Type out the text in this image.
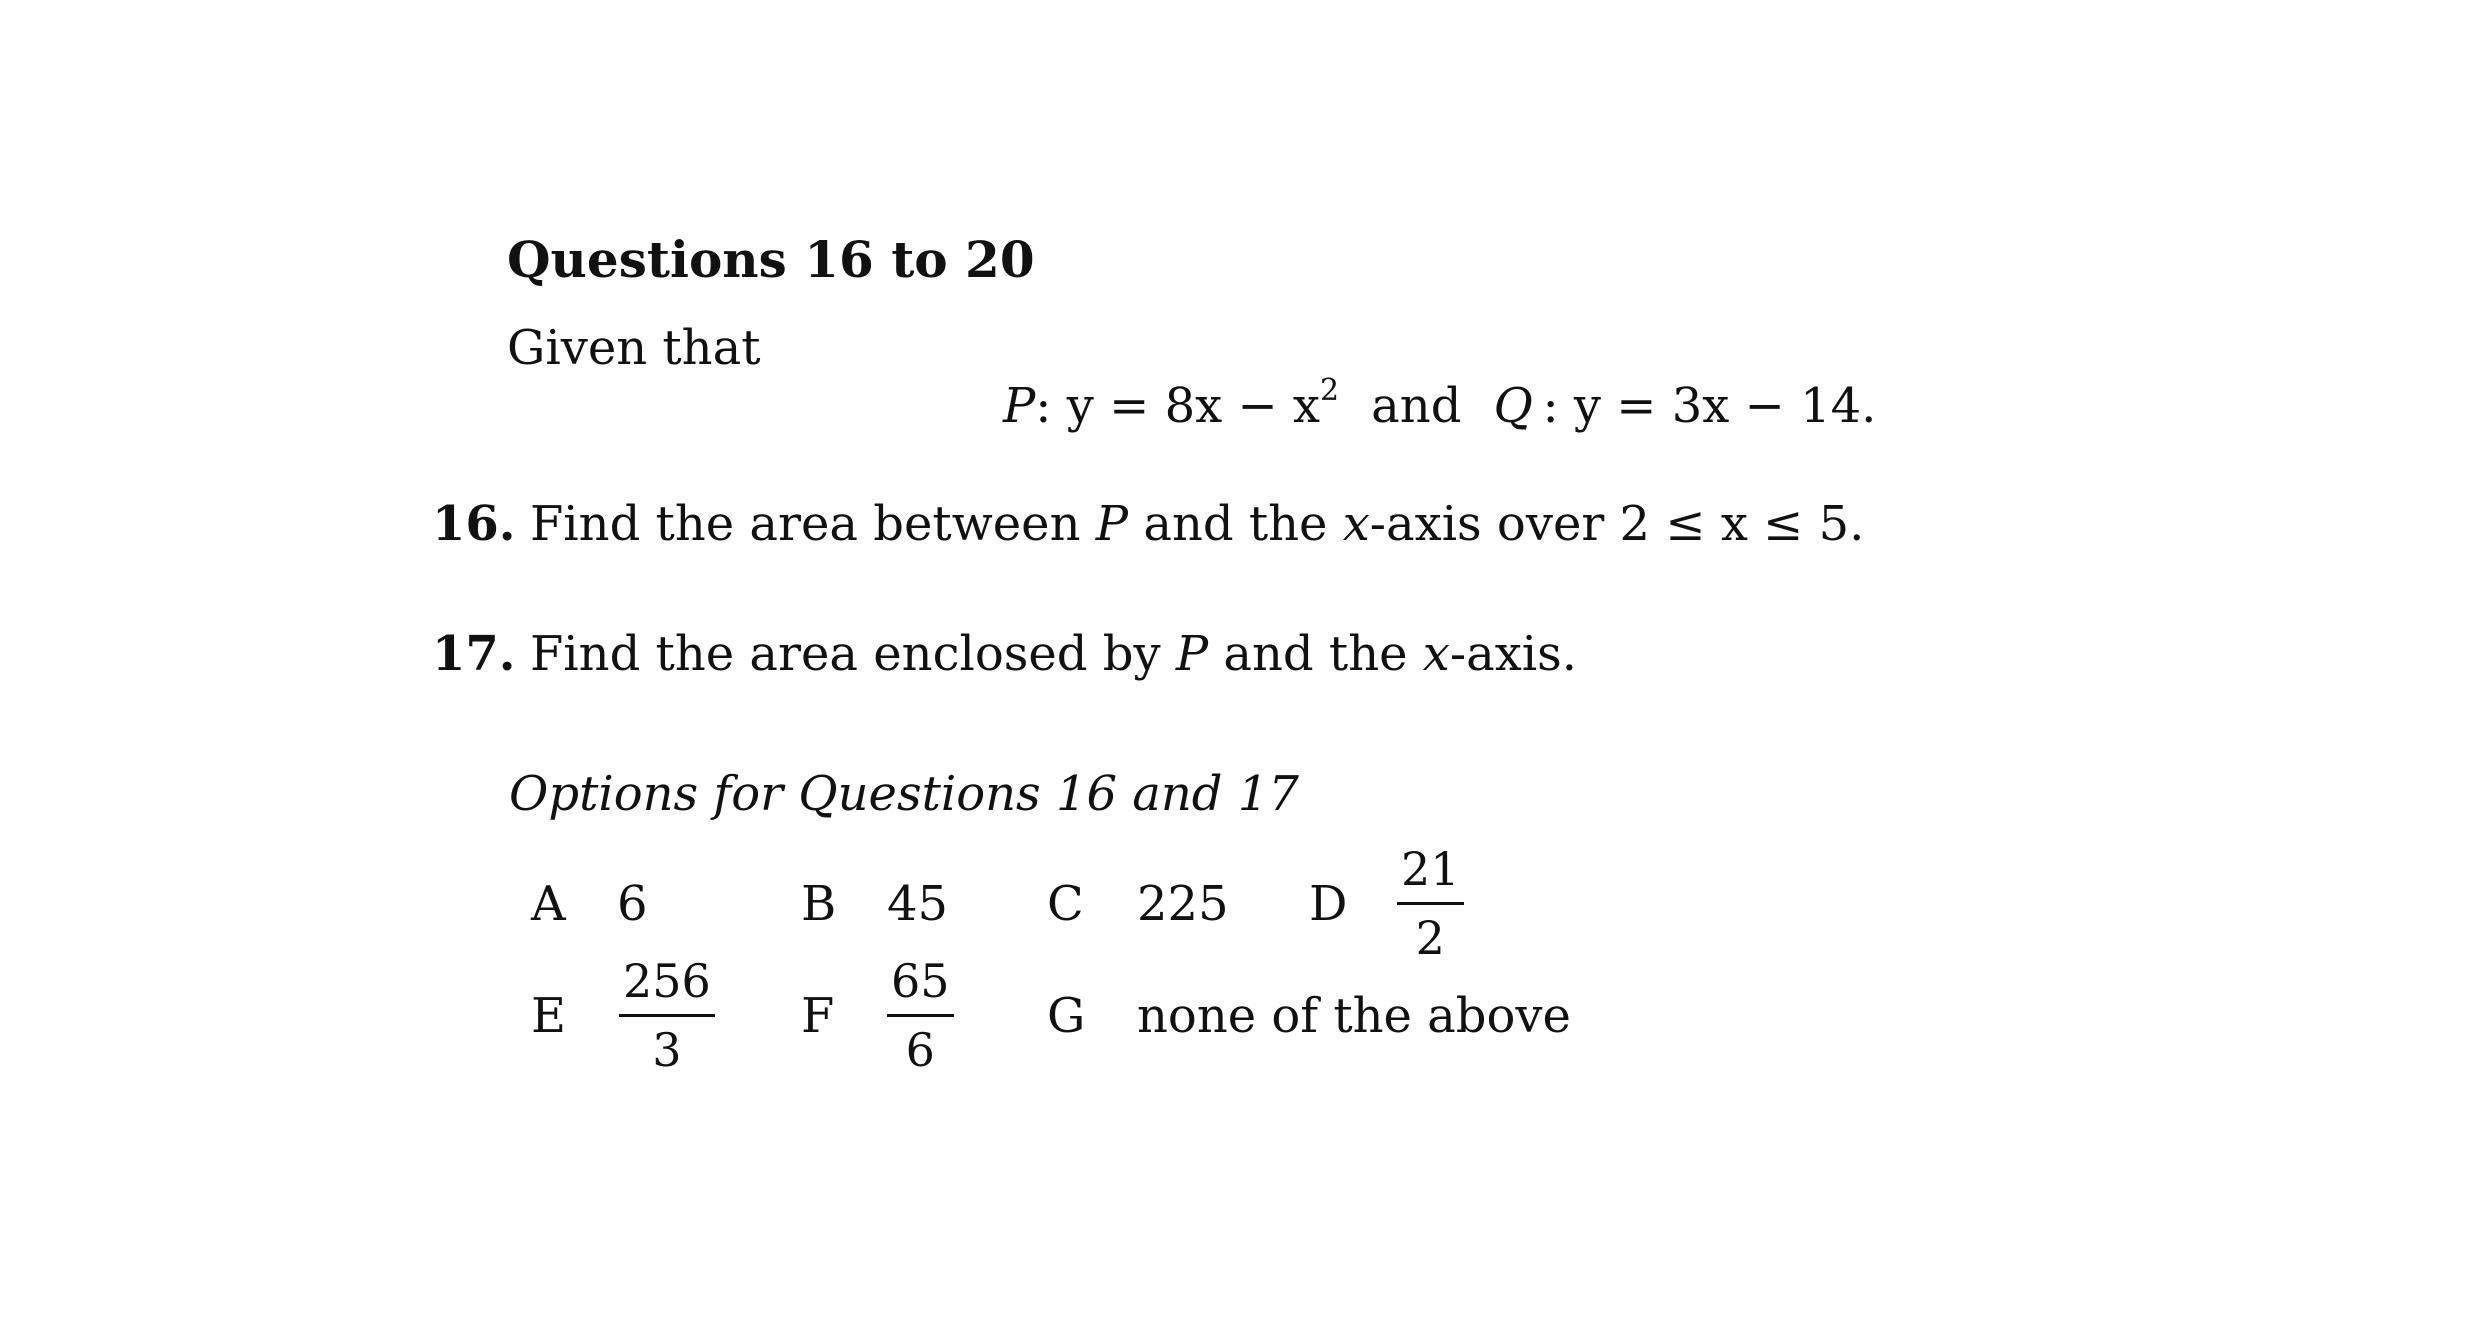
Questions 16 to 20
Given that
P: $y = 8x - x^2$ and Q : y = 3x − 14.
16. Find the area between P and the x-axis over 2 ≤ x ≤ 5.
17. Find the area enclosed by P and the x-axis.
Options for Questions 16 and 17
A 6	B 45 C 225 D $\frac{21}{2}$
E $\frac{256}{3}$ F $\frac{65}{6}$ G none of the above
